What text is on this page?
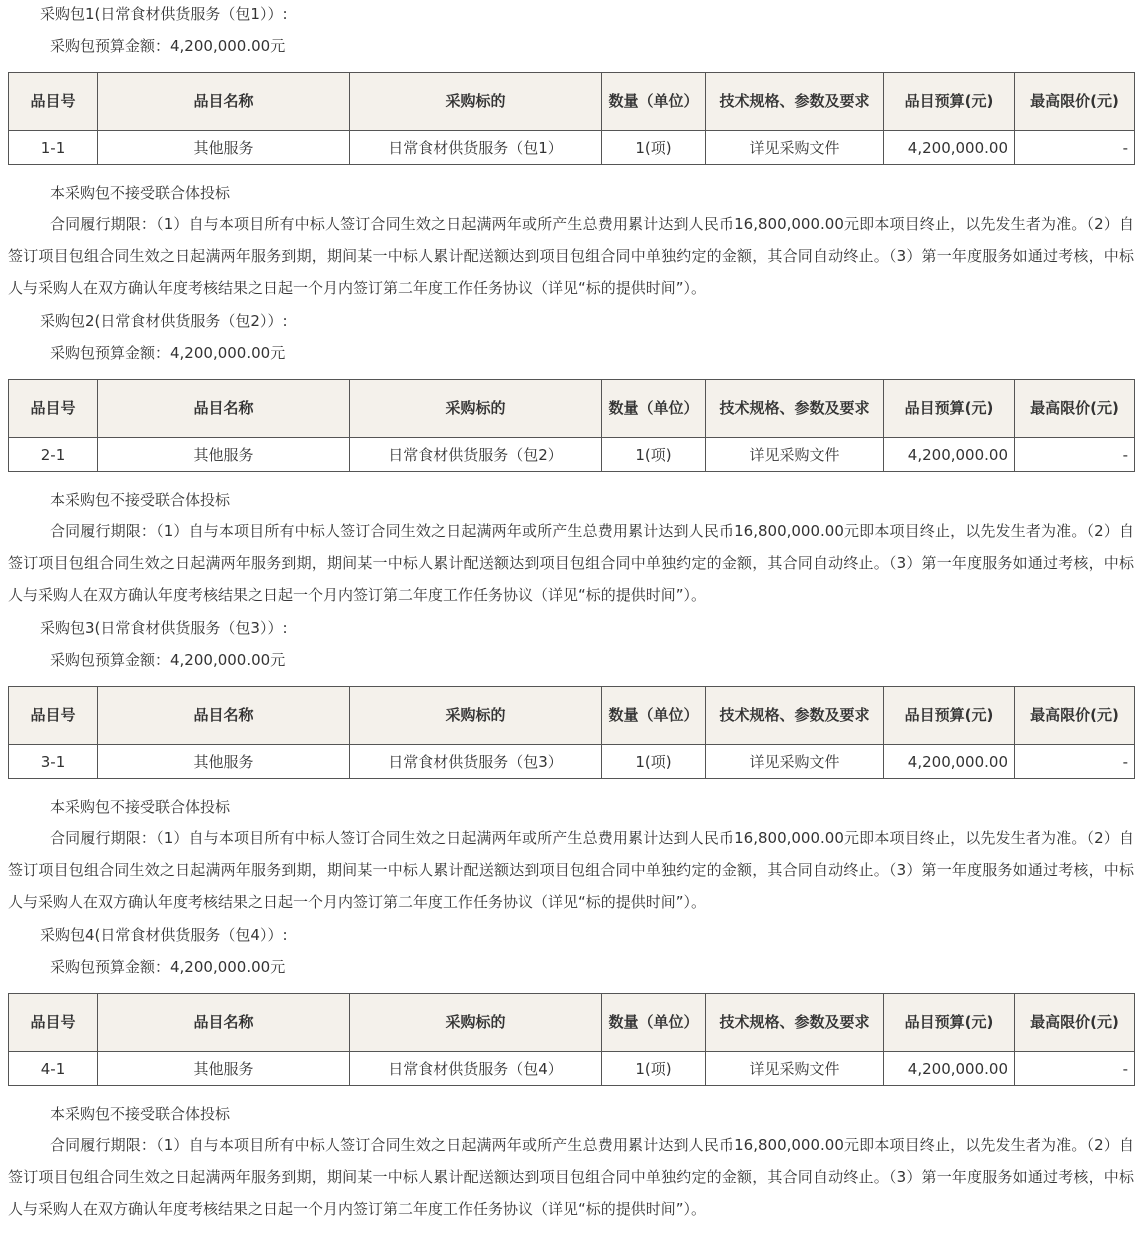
采购包1(日常食材供货服务（包1））:
采购包预算金额：4,200,000.00元
品目号	品目名称	采购标的	数量（单位）	技术规格、参数及要求	品目预算(元)	最高限价(元)
1-1	其他服务	日常食材供货服务（包1）	1(项)	详见采购文件	4,200,000.00	-
本采购包不接受联合体投标
合同履行期限：（1）自与本项目所有中标人签订合同生效之日起满两年或所产生总费用累计达到人民币16,800,000.00元即本项目终止，以先发生者为准。（2）自签订项目包组合同生效之日起满两年服务到期，期间某一中标人累计配送额达到项目包组合同中单独约定的金额，其合同自动终止。（3）第一年度服务如通过考核，中标人与采购人在双方确认年度考核结果之日起一个月内签订第二年度工作任务协议（详见“标的提供时间”）。
采购包2(日常食材供货服务（包2））:
采购包预算金额：4,200,000.00元
品目号	品目名称	采购标的	数量（单位）	技术规格、参数及要求	品目预算(元)	最高限价(元)
2-1	其他服务	日常食材供货服务（包2）	1(项)	详见采购文件	4,200,000.00	-
本采购包不接受联合体投标
合同履行期限：（1）自与本项目所有中标人签订合同生效之日起满两年或所产生总费用累计达到人民币16,800,000.00元即本项目终止，以先发生者为准。（2）自签订项目包组合同生效之日起满两年服务到期，期间某一中标人累计配送额达到项目包组合同中单独约定的金额，其合同自动终止。（3）第一年度服务如通过考核，中标人与采购人在双方确认年度考核结果之日起一个月内签订第二年度工作任务协议（详见“标的提供时间”）。
采购包3(日常食材供货服务（包3））:
采购包预算金额：4,200,000.00元
品目号	品目名称	采购标的	数量（单位）	技术规格、参数及要求	品目预算(元)	最高限价(元)
3-1	其他服务	日常食材供货服务（包3）	1(项)	详见采购文件	4,200,000.00	-
本采购包不接受联合体投标
合同履行期限：（1）自与本项目所有中标人签订合同生效之日起满两年或所产生总费用累计达到人民币16,800,000.00元即本项目终止，以先发生者为准。（2）自签订项目包组合同生效之日起满两年服务到期，期间某一中标人累计配送额达到项目包组合同中单独约定的金额，其合同自动终止。（3）第一年度服务如通过考核，中标人与采购人在双方确认年度考核结果之日起一个月内签订第二年度工作任务协议（详见“标的提供时间”）。
采购包4(日常食材供货服务（包4））:
采购包预算金额：4,200,000.00元
品目号	品目名称	采购标的	数量（单位）	技术规格、参数及要求	品目预算(元)	最高限价(元)
4-1	其他服务	日常食材供货服务（包4）	1(项)	详见采购文件	4,200,000.00	-
本采购包不接受联合体投标
合同履行期限：（1）自与本项目所有中标人签订合同生效之日起满两年或所产生总费用累计达到人民币16,800,000.00元即本项目终止，以先发生者为准。（2）自签订项目包组合同生效之日起满两年服务到期，期间某一中标人累计配送额达到项目包组合同中单独约定的金额，其合同自动终止。（3）第一年度服务如通过考核，中标人与采购人在双方确认年度考核结果之日起一个月内签订第二年度工作任务协议（详见“标的提供时间”）。
